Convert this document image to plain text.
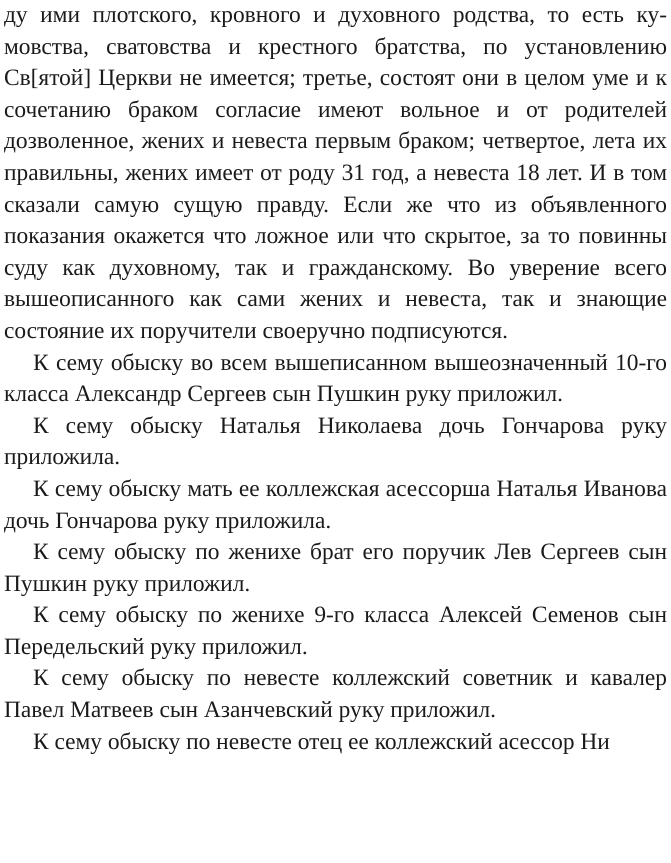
ду ими плотского, кровного и духовного родства, то есть кумовства, сватовства и крестного братства, по установлению Св[ятой] Церкви не имеется; третье, состоят они в целом уме и к сочетанию браком согласие имеют вольное и от родителей дозволенное, жених и невеста первым браком; четвертое, лета их правильны, жених имеет от роду 31 год, а невеста 18 лет. И в том сказали самую сущую правду. Если же что из объявленного показания окажется что ложное или что скрытое, за то повинны суду как духовному, так и гражданскому. Во уверение всего вышеописанного как сами жених и невеста, так и знающие состояние их поручители своеручно подписуются.

К сему обыску во всем вышеписанном вышеозначенный 10-го класса Александр Сергеев сын Пушкин руку приложил.

К сему обыску Наталья Николаева дочь Гончарова руку приложила.

К сему обыску мать ее коллежская асессорша Наталья Иванова дочь Гончарова руку приложила.

К сему обыску по женихе брат его поручик Лев Сергеев сын Пушкин руку приложил.

К сему обыску по женихе 9-го класса Алексей Семенов сын Передельский руку приложил.

К сему обыску по невесте коллежский советник и кавалер Павел Матвеев сын Азанчевский руку приложил.

К сему обыску по невесте отец ее коллежский асессор Ни
